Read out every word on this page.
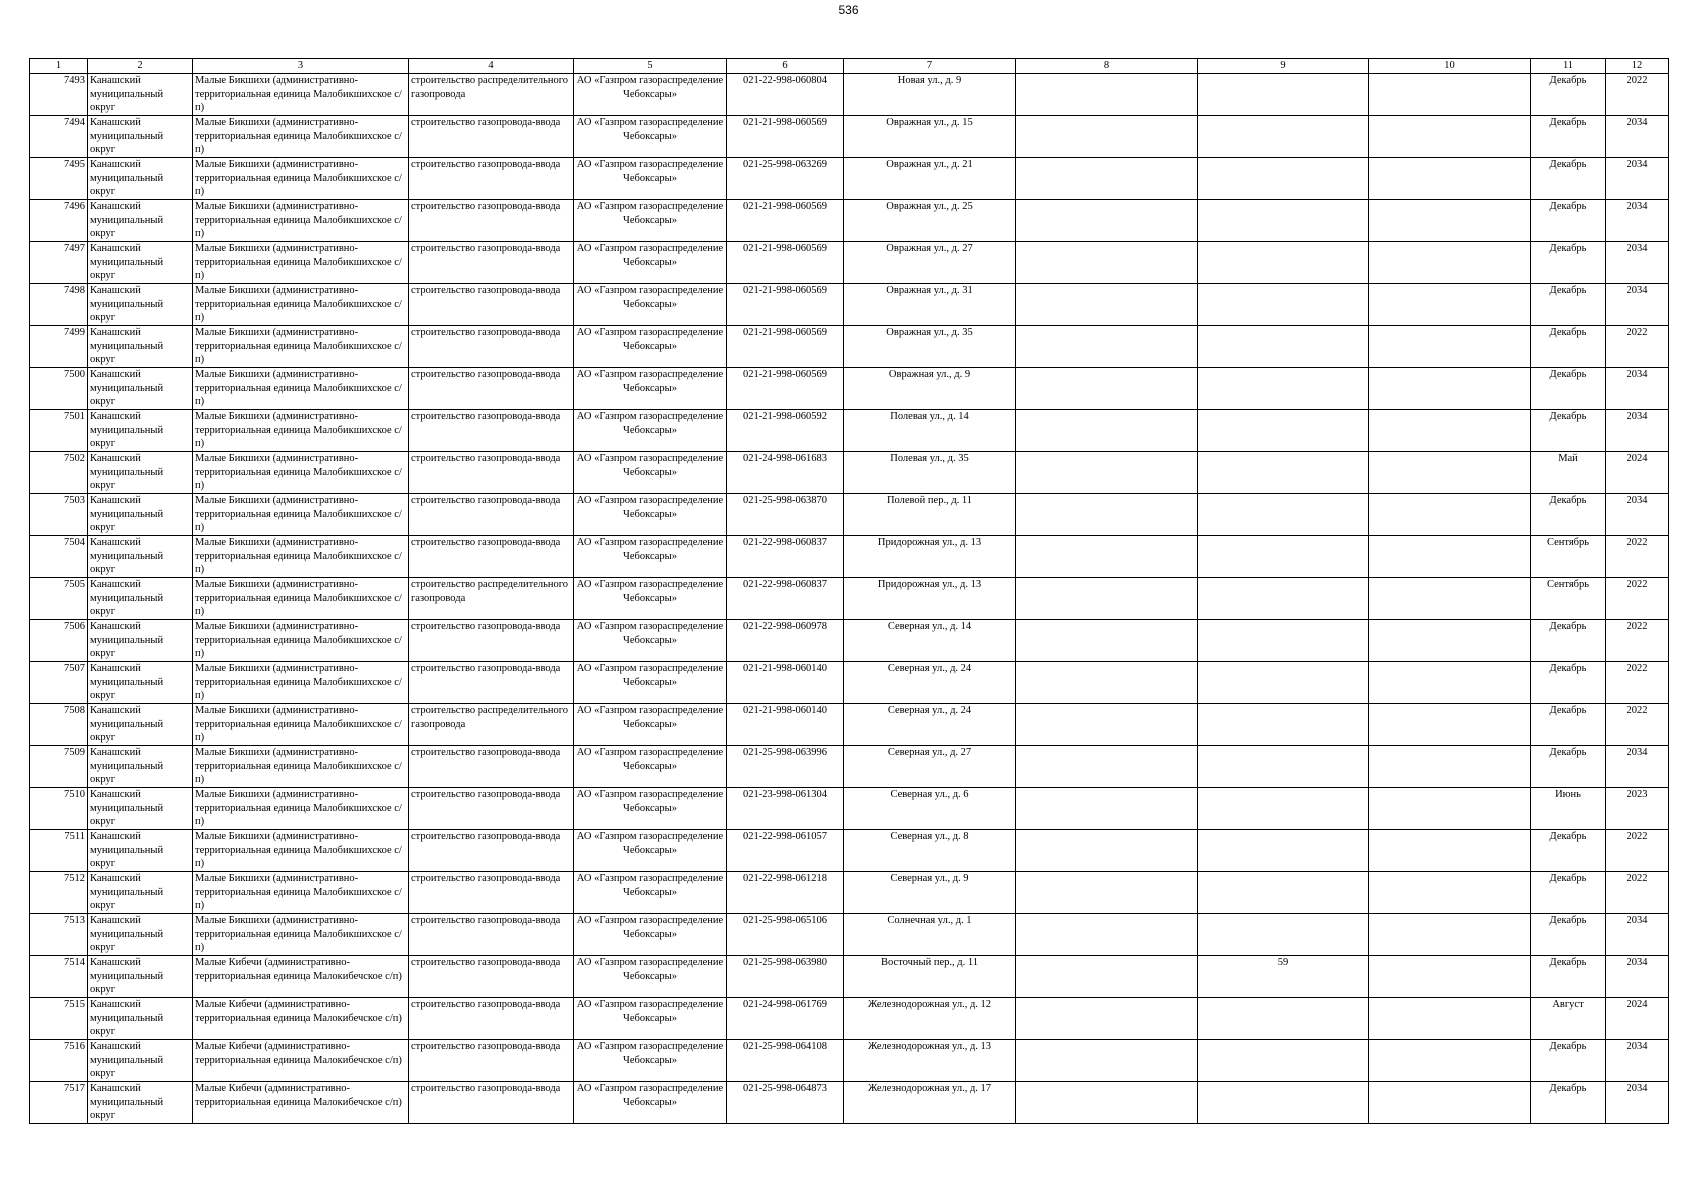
536
1	2	3	4	5	6	7	8	9	10	11	12

7493	Канашский муниципальный округ	Малые Бикшихи (административно-территориальная единица Малобикшихское с/п)	строительство распределительного газопровода	АО «Газпром газораспределение Чебоксары»	021-22-998-060804	Новая ул., д. 9				Декабрь	2022

7494	Канашский муниципальный округ	Малые Бикшихи (административно-территориальная единица Малобикшихское с/п)	строительство газопровода-ввода	АО «Газпром газораспределение Чебоксары»	021-21-998-060569	Овражная ул., д. 15				Декабрь	2034

7495	Канашский муниципальный округ	Малые Бикшихи (административно-территориальная единица Малобикшихское с/п)	строительство газопровода-ввода	АО «Газпром газораспределение Чебоксары»	021-25-998-063269	Овражная ул., д. 21				Декабрь	2034

7496	Канашский муниципальный округ	Малые Бикшихи (административно-территориальная единица Малобикшихское с/п)	строительство газопровода-ввода	АО «Газпром газораспределение Чебоксары»	021-21-998-060569	Овражная ул., д. 25				Декабрь	2034

7497	Канашский муниципальный округ	Малые Бикшихи (административно-территориальная единица Малобикшихское с/п)	строительство газопровода-ввода	АО «Газпром газораспределение Чебоксары»	021-21-998-060569	Овражная ул., д. 27				Декабрь	2034

7498	Канашский муниципальный округ	Малые Бикшихи (административно-территориальная единица Малобикшихское с/п)	строительство газопровода-ввода	АО «Газпром газораспределение Чебоксары»	021-21-998-060569	Овражная ул., д. 31				Декабрь	2034

7499	Канашский муниципальный округ	Малые Бикшихи (административно-территориальная единица Малобикшихское с/п)	строительство газопровода-ввода	АО «Газпром газораспределение Чебоксары»	021-21-998-060569	Овражная ул., д. 35				Декабрь	2022

7500	Канашский муниципальный округ	Малые Бикшихи (административно-территориальная единица Малобикшихское с/п)	строительство газопровода-ввода	АО «Газпром газораспределение Чебоксары»	021-21-998-060569	Овражная ул., д. 9				Декабрь	2034

7501	Канашский муниципальный округ	Малые Бикшихи (административно-территориальная единица Малобикшихское с/п)	строительство газопровода-ввода	АО «Газпром газораспределение Чебоксары»	021-21-998-060592	Полевая ул., д. 14				Декабрь	2034

7502	Канашский муниципальный округ	Малые Бикшихи (административно-территориальная единица Малобикшихское с/п)	строительство газопровода-ввода	АО «Газпром газораспределение Чебоксары»	021-24-998-061683	Полевая ул., д. 35				Май	2024

7503	Канашский муниципальный округ	Малые Бикшихи (административно-территориальная единица Малобикшихское с/п)	строительство газопровода-ввода	АО «Газпром газораспределение Чебоксары»	021-25-998-063870	Полевой пер., д. 11				Декабрь	2034

7504	Канашский муниципальный округ	Малые Бикшихи (административно-территориальная единица Малобикшихское с/п)	строительство газопровода-ввода	АО «Газпром газораспределение Чебоксары»	021-22-998-060837	Придорожная ул., д. 13				Сентябрь	2022

7505	Канашский муниципальный округ	Малые Бикшихи (административно-территориальная единица Малобикшихское с/п)	строительство распределительного газопровода	АО «Газпром газораспределение Чебоксары»	021-22-998-060837	Придорожная ул., д. 13				Сентябрь	2022

7506	Канашский муниципальный округ	Малые Бикшихи (административно-территориальная единица Малобикшихское с/п)	строительство газопровода-ввода	АО «Газпром газораспределение Чебоксары»	021-22-998-060978	Северная ул., д. 14				Декабрь	2022

7507	Канашский муниципальный округ	Малые Бикшихи (административно-территориальная единица Малобикшихское с/п)	строительство газопровода-ввода	АО «Газпром газораспределение Чебоксары»	021-21-998-060140	Северная ул., д. 24				Декабрь	2022

7508	Канашский муниципальный округ	Малые Бикшихи (административно-территориальная единица Малобикшихское с/п)	строительство распределительного газопровода	АО «Газпром газораспределение Чебоксары»	021-21-998-060140	Северная ул., д. 24				Декабрь	2022

7509	Канашский муниципальный округ	Малые Бикшихи (административно-территориальная единица Малобикшихское с/п)	строительство газопровода-ввода	АО «Газпром газораспределение Чебоксары»	021-25-998-063996	Северная ул., д. 27				Декабрь	2034

7510	Канашский муниципальный округ	Малые Бикшихи (административно-территориальная единица Малобикшихское с/п)	строительство газопровода-ввода	АО «Газпром газораспределение Чебоксары»	021-23-998-061304	Северная ул., д. 6				Июнь	2023

7511	Канашский муниципальный округ	Малые Бикшихи (административно-территориальная единица Малобикшихское с/п)	строительство газопровода-ввода	АО «Газпром газораспределение Чебоксары»	021-22-998-061057	Северная ул., д. 8				Декабрь	2022

7512	Канашский муниципальный округ	Малые Бикшихи (административно-территориальная единица Малобикшихское с/п)	строительство газопровода-ввода	АО «Газпром газораспределение Чебоксары»	021-22-998-061218	Северная ул., д. 9				Декабрь	2022

7513	Канашский муниципальный округ	Малые Бикшихи (административно-территориальная единица Малобикшихское с/п)	строительство газопровода-ввода	АО «Газпром газораспределение Чебоксары»	021-25-998-065106	Солнечная ул., д. 1				Декабрь	2034

7514	Канашский муниципальный округ	Малые Кибечи (административно-территориальная единица Малокибечское с/п)	строительство газопровода-ввода	АО «Газпром газораспределение Чебоксары»	021-25-998-063980	Восточный пер., д. 11		59		Декабрь	2034

7515	Канашский муниципальный округ	Малые Кибечи (административно-территориальная единица Малокибечское с/п)	строительство газопровода-ввода	АО «Газпром газораспределение Чебоксары»	021-24-998-061769	Железнодорожная ул., д. 12				Август	2024

7516	Канашский муниципальный округ	Малые Кибечи (административно-территориальная единица Малокибечское с/п)	строительство газопровода-ввода	АО «Газпром газораспределение Чебоксары»	021-25-998-064108	Железнодорожная ул., д. 13				Декабрь	2034

7517	Канашский муниципальный округ	Малые Кибечи (административно-территориальная единица Малокибечское с/п)	строительство газопровода-ввода	АО «Газпром газораспределение Чебоксары»	021-25-998-064873	Железнодорожная ул., д. 17				Декабрь	2034
